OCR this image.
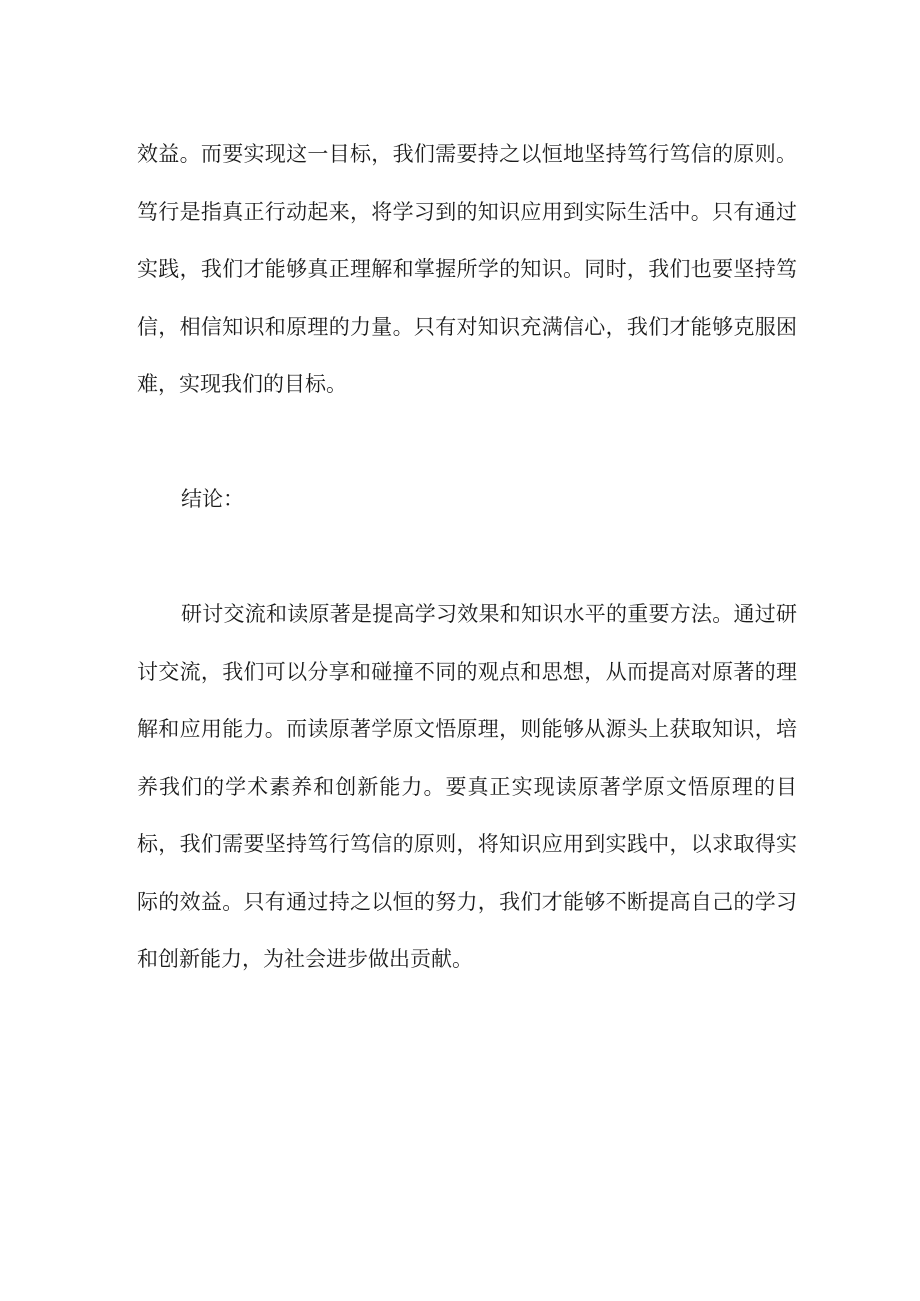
效益。而要实现这一目标，我们需要持之以恒地坚持笃行笃信的原则。笃行是指真正行动起来，将学习到的知识应用到实际生活中。只有通过实践，我们才能够真正理解和掌握所学的知识。同时，我们也要坚持笃信，相信知识和原理的力量。只有对知识充满信心，我们才能够克服困难，实现我们的目标。

结论：

研讨交流和读原著是提高学习效果和知识水平的重要方法。通过研讨交流，我们可以分享和碰撞不同的观点和思想，从而提高对原著的理解和应用能力。而读原著学原文悟原理，则能够从源头上获取知识，培养我们的学术素养和创新能力。要真正实现读原著学原文悟原理的目标，我们需要坚持笃行笃信的原则，将知识应用到实践中，以求取得实际的效益。只有通过持之以恒的努力，我们才能够不断提高自己的学习和创新能力，为社会进步做出贡献。
